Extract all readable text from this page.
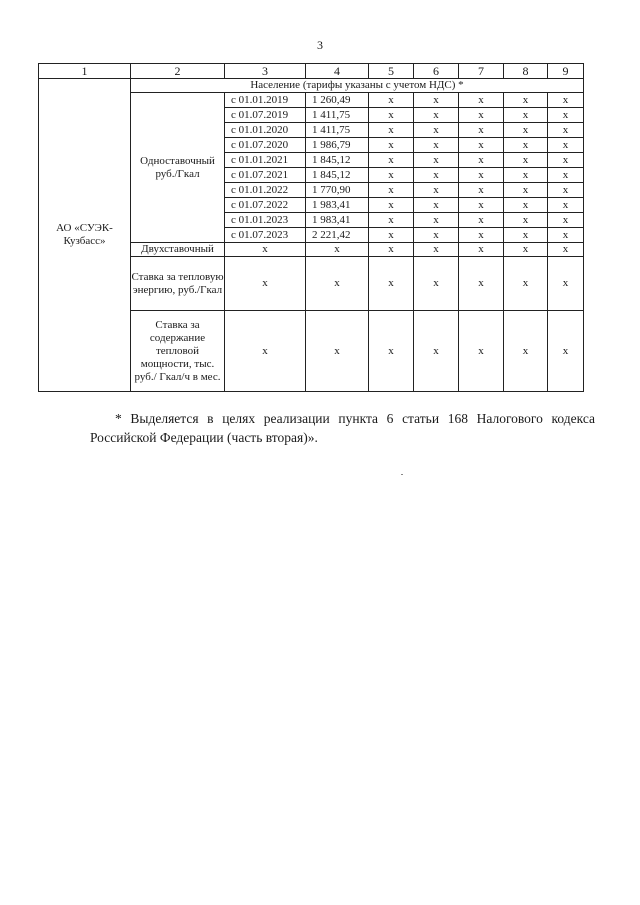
3
1	2	3	4	5	6	7	8	9
АО «СУЭК-Кузбасс»	Население (тарифы указаны с учетом НДС) *							
	Одноставочный руб./Гкал	с 01.01.2019	1 260,49	х	х	х	х	х
		с 01.07.2019	1 411,75	х	х	х	х	х
		с 01.01.2020	1 411,75	х	х	х	х	х
		с 01.07.2020	1 986,79	х	х	х	х	х
		с 01.01.2021	1 845,12	х	х	х	х	х
		с 01.07.2021	1 845,12	х	х	х	х	х
		с 01.01.2022	1 770,90	х	х	х	х	х
		с 01.07.2022	1 983,41	х	х	х	х	х
		с 01.01.2023	1 983,41	х	х	х	х	х
		с 01.07.2023	2 221,42	х	х	х	х	х
	Двухставочный	х	х	х	х	х	х	х
	Ставка за тепловую энергию, руб./Гкал	х	х	х	х	х	х	х
	Ставка за содержание тепловой мощности, тыс. руб./ Гкал/ч в мес.	х	х	х	х	х	х	х

* Выделяется в целях реализации пункта 6 статьи 168 Налогового кодекса Российской Федерации (часть вторая)».
